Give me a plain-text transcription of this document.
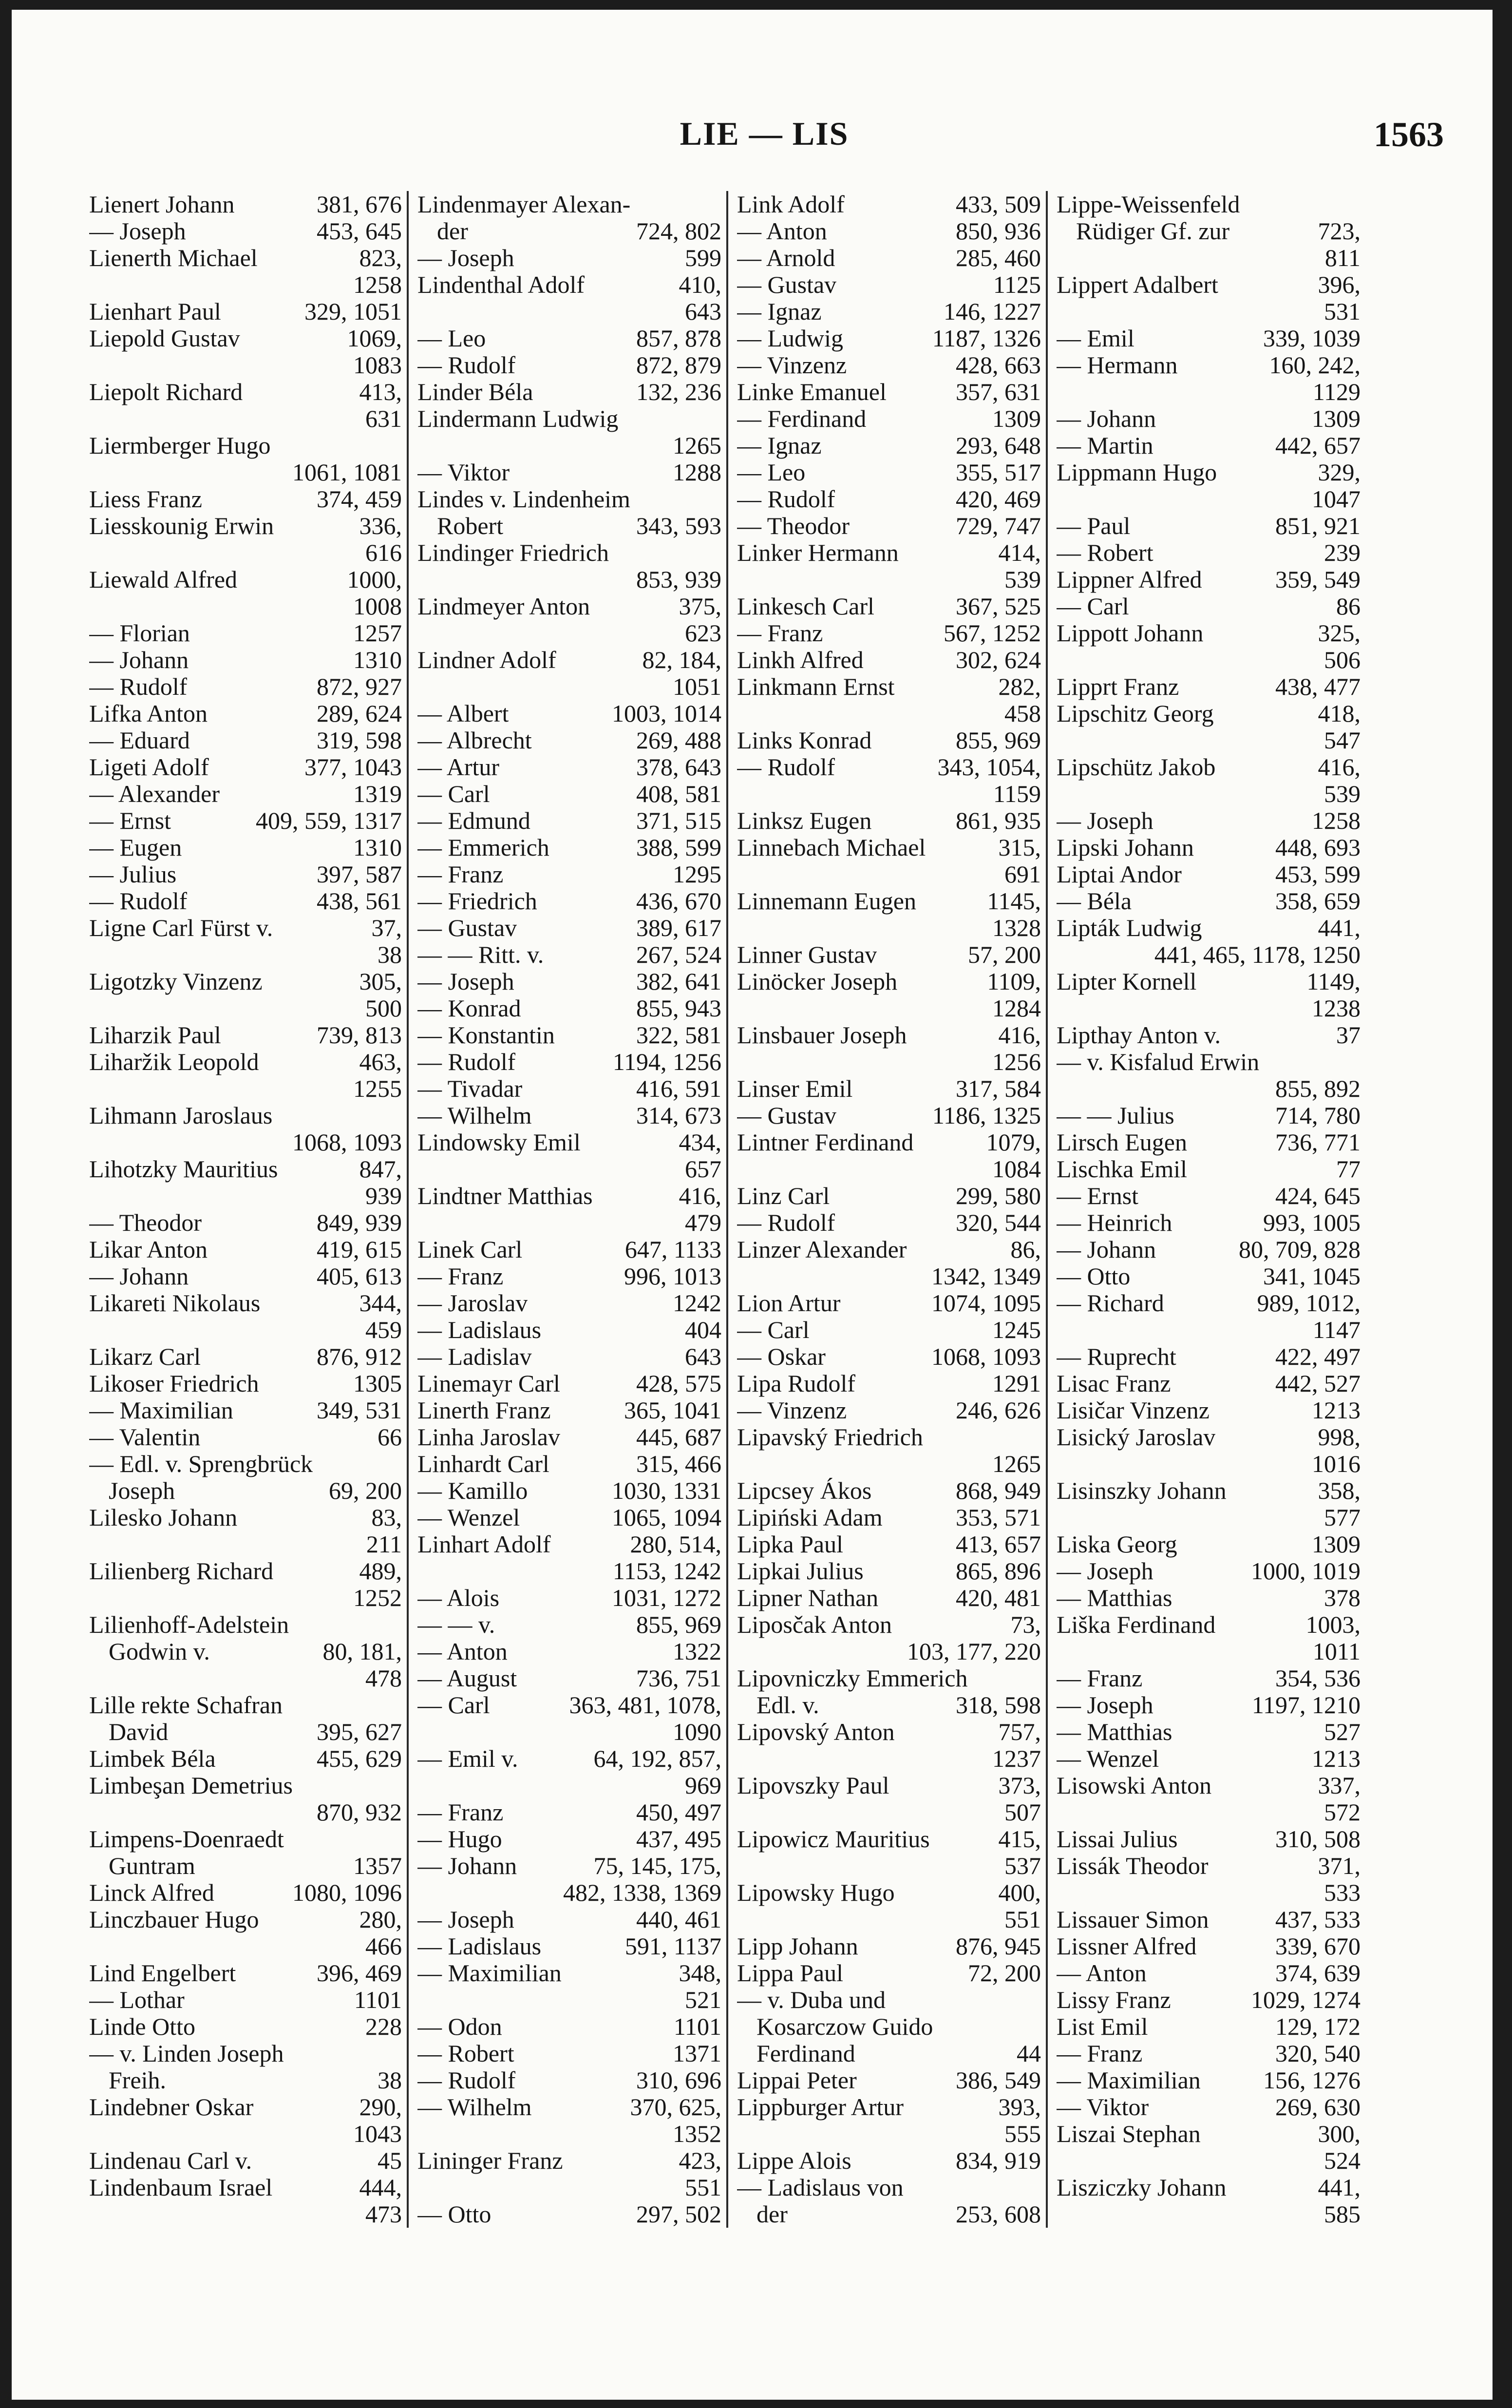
LIE — LIS	1563
Lienert Johann	381, 676
— Joseph	453, 645
Lienerth Michael	823,
1258
Lienhart Paul	329, 1051
Liepold Gustav	1069,
1083
Liepolt Richard	413,
631
Liermberger Hugo
1061, 1081
Liess Franz	374, 459
Liesskounig Erwin	336,
616
Liewald Alfred	1000,
1008
— Florian	1257
— Johann	1310
— Rudolf	872, 927
Lifka Anton	289, 624
— Eduard	319, 598
Ligeti Adolf	377, 1043
— Alexander	1319
— Ernst	409, 559, 1317
— Eugen	1310
— Julius	397, 587
— Rudolf	438, 561
Ligne Carl Fürst v.	37,
38
Ligotzky Vinzenz	305,
500
Liharzik Paul	739, 813
Liharžik Leopold	463,
1255
Lihmann Jaroslaus
1068, 1093
Lihotzky Mauritius	847,
939
— Theodor	849, 939
Likar Anton	419, 615
— Johann	405, 613
Likareti Nikolaus	344,
459
Likarz Carl	876, 912
Likoser Friedrich	1305
— Maximilian	349, 531
— Valentin	66
— Edl. v. Sprengbrück
Joseph	69, 200
Lilesko Johann	83,
211
Lilienberg Richard	489,
1252
Lilienhoff-Adelstein
Godwin v.	80, 181,
478
Lille rekte Schafran
David	395, 627
Limbek Béla	455, 629
Limbeşan Demetrius
870, 932
Limpens-Doenraedt
Guntram	1357
Linck Alfred	1080, 1096
Linczbauer Hugo	280,
466
Lind Engelbert	396, 469
— Lothar	1101
Linde Otto	228
— v. Linden Joseph
Freih.	38
Lindebner Oskar	290,
1043
Lindenau Carl v.	45
Lindenbaum Israel	444,
473
Lindenmayer Alexan-
der	724, 802
— Joseph	599
Lindenthal Adolf	410,
643
— Leo	857, 878
— Rudolf	872, 879
Linder Béla	132, 236
Lindermann Ludwig
1265
— Viktor	1288
Lindes v. Lindenheim
Robert	343, 593
Lindinger Friedrich
853, 939
Lindmeyer Anton	375,
623
Lindner Adolf	82, 184,
1051
— Albert	1003, 1014
— Albrecht	269, 488
— Artur	378, 643
— Carl	408, 581
— Edmund	371, 515
— Emmerich	388, 599
— Franz	1295
— Friedrich	436, 670
— Gustav	389, 617
— — Ritt. v.	267, 524
— Joseph	382, 641
— Konrad	855, 943
— Konstantin	322, 581
— Rudolf	1194, 1256
— Tivadar	416, 591
— Wilhelm	314, 673
Lindowsky Emil	434,
657
Lindtner Matthias	416,
479
Linek Carl	647, 1133
— Franz	996, 1013
— Jaroslav	1242
— Ladislaus	404
— Ladislav	643
Linemayr Carl	428, 575
Linerth Franz	365, 1041
Linha Jaroslav	445, 687
Linhardt Carl	315, 466
— Kamillo	1030, 1331
— Wenzel	1065, 1094
Linhart Adolf	280, 514,
1153, 1242
— Alois	1031, 1272
— — v.	855, 969
— Anton	1322
— August	736, 751
— Carl	363, 481, 1078,
1090
— Emil v.	64, 192, 857,
969
— Franz	450, 497
— Hugo	437, 495
— Johann	75, 145, 175,
482, 1338, 1369
— Joseph	440, 461
— Ladislaus	591, 1137
— Maximilian	348,
521
— Odon	1101
— Robert	1371
— Rudolf	310, 696
— Wilhelm	370, 625,
1352
Lininger Franz	423,
551
— Otto	297, 502
Link Adolf	433, 509
— Anton	850, 936
— Arnold	285, 460
— Gustav	1125
— Ignaz	146, 1227
— Ludwig	1187, 1326
— Vinzenz	428, 663
Linke Emanuel	357, 631
— Ferdinand	1309
— Ignaz	293, 648
— Leo	355, 517
— Rudolf	420, 469
— Theodor	729, 747
Linker Hermann	414,
539
Linkesch Carl	367, 525
— Franz	567, 1252
Linkh Alfred	302, 624
Linkmann Ernst	282,
458
Links Konrad	855, 969
— Rudolf	343, 1054,
1159
Linksz Eugen	861, 935
Linnebach Michael	315,
691
Linnemann Eugen	1145,
1328
Linner Gustav	57, 200
Linöcker Joseph	1109,
1284
Linsbauer Joseph	416,
1256
Linser Emil	317, 584
— Gustav	1186, 1325
Lintner Ferdinand	1079,
1084
Linz Carl	299, 580
— Rudolf	320, 544
Linzer Alexander	86,
1342, 1349
Lion Artur	1074, 1095
— Carl	1245
— Oskar	1068, 1093
Lipa Rudolf	1291
— Vinzenz	246, 626
Lipavský Friedrich
1265
Lipcsey Ákos	868, 949
Lipiński Adam	353, 571
Lipka Paul	413, 657
Lipkai Julius	865, 896
Lipner Nathan	420, 481
Liposčak Anton	73,
103, 177, 220
Lipovniczky Emmerich
Edl. v.	318, 598
Lipovský Anton	757,
1237
Lipovszky Paul	373,
507
Lipowicz Mauritius	415,
537
Lipowsky Hugo	400,
551
Lipp Johann	876, 945
Lippa Paul	72, 200
— v. Duba und
Kosarczow Guido
Ferdinand	44
Lippai Peter	386, 549
Lippburger Artur	393,
555
Lippe Alois	834, 919
— Ladislaus von
der	253, 608
Lippe-Weissenfeld
Rüdiger Gf. zur	723,
811
Lippert Adalbert	396,
531
— Emil	339, 1039
— Hermann	160, 242,
1129
— Johann	1309
— Martin	442, 657
Lippmann Hugo	329,
1047
— Paul	851, 921
— Robert	239
Lippner Alfred	359, 549
— Carl	86
Lippott Johann	325,
506
Lipprt Franz	438, 477
Lipschitz Georg	418,
547
Lipschütz Jakob	416,
539
— Joseph	1258
Lipski Johann	448, 693
Liptai Andor	453, 599
— Béla	358, 659
Lipták Ludwig	441,
441, 465, 1178, 1250
Lipter Kornell	1149,
1238
Lipthay Anton v.	37
— v. Kisfalud Erwin
855, 892
— — Julius	714, 780
Lirsch Eugen	736, 771
Lischka Emil	77
— Ernst	424, 645
— Heinrich	993, 1005
— Johann	80, 709, 828
— Otto	341, 1045
— Richard	989, 1012,
1147
— Ruprecht	422, 497
Lisac Franz	442, 527
Lisičar Vinzenz	1213
Lisický Jaroslav	998,
1016
Lisinszky Johann	358,
577
Liska Georg	1309
— Joseph	1000, 1019
— Matthias	378
Liška Ferdinand	1003,
1011
— Franz	354, 536
— Joseph	1197, 1210
— Matthias	527
— Wenzel	1213
Lisowski Anton	337,
572
Lissai Julius	310, 508
Lissák Theodor	371,
533
Lissauer Simon	437, 533
Lissner Alfred	339, 670
— Anton	374, 639
Lissy Franz	1029, 1274
List Emil	129, 172
— Franz	320, 540
— Maximilian	156, 1276
— Viktor	269, 630
Liszai Stephan	300,
524
Lisziczky Johann	441,
585
